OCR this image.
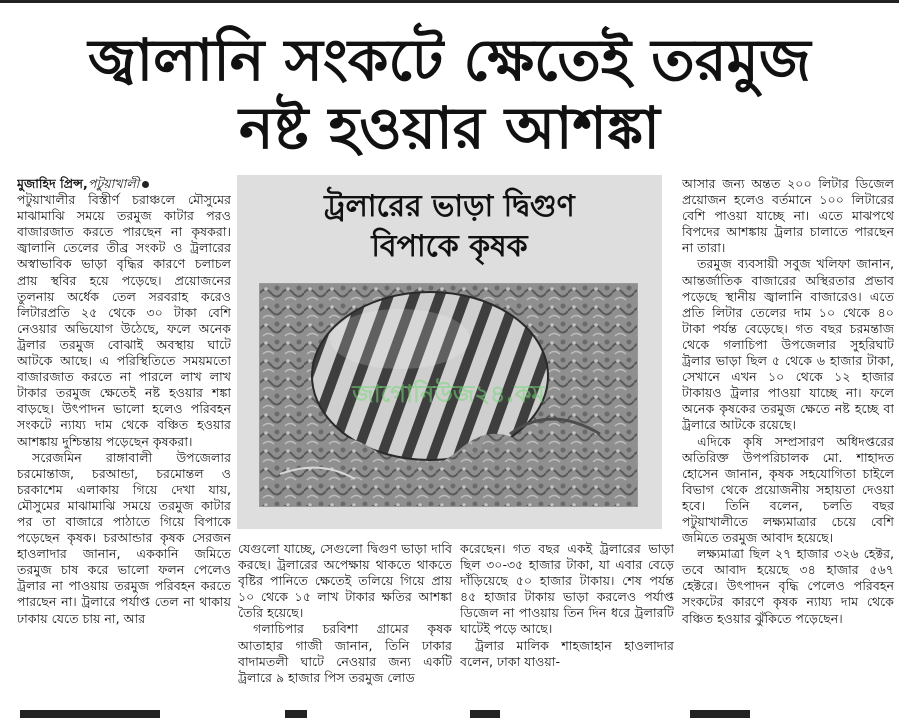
জ্বালানি সংকটে ক্ষেতেই তরমুজ
নষ্ট হওয়ার আশঙ্কা
মুজাহিদ প্রিন্স,পটুয়াখালী

পটুয়াখালীর বিস্তীর্ণ চরাঞ্চলে মৌসুমের মাঝামাঝি সময়ে তরমুজ কাটার পরও বাজারজাত করতে পারছেন না কৃষকরা। জ্বালানি তেলের তীব্র সংকট ও ট্রলারের অস্বাভাবিক ভাড়া বৃদ্ধির কারণে চলাচল প্রায় স্থবির হয়ে পড়েছে। প্রয়োজনের তুলনায় অর্ধেক তেল সরবরাহ করেও লিটারপ্রতি ২৫ থেকে ৩০ টাকা বেশি নেওয়ার অভিযোগ উঠেছে, ফলে অনেক ট্রলার তরমুজ বোঝাই অবস্থায় ঘাটে আটকে আছে। এ পরিস্থিতিতে সময়মতো বাজারজাত করতে না পারলে লাখ লাখ টাকার তরমুজ ক্ষেতেই নষ্ট হওয়ার শঙ্কা বাড়ছে। উৎপাদন ভালো হলেও পরিবহন সংকটে ন্যায্য দাম থেকে বঞ্চিত হওয়ার আশঙ্কায় দুশ্চিন্তায় পড়েছেন কৃষকরা।

সরেজমিন রাঙ্গাবালী উপজেলার চরমোন্তাজ, চরআন্ডা, চরমোন্তল ও চরকাশেম এলাকায় গিয়ে দেখা যায়, মৌসুমের মাঝামাঝি সময়ে তরমুজ কাটার পর তা বাজারে পাঠাতে গিয়ে বিপাকে পড়েছেন কৃষক। চরআন্ডার কৃষক সেরজন হাওলাদার জানান, এককানি জমিতে তরমুজ চাষ করে ভালো ফলন পেলেও ট্রলার না পাওয়ায় তরমুজ পরিবহন করতে পারছেন না। ট্রলারে পর্যাপ্ত তেল না থাকায় ঢাকায় যেতে চায় না, আর

ট্রলারের ভাড়া দ্বিগুণ
বিপাকে কৃষক
জাগোনিউজ২৪.কম

যেগুলো যাচ্ছে, সেগুলো দ্বিগুণ ভাড়া দাবি করছে। ট্রলারের অপেক্ষায় থাকতে থাকতে বৃষ্টির পানিতে ক্ষেতেই তলিয়ে গিয়ে প্রায় ১০ থেকে ১৫ লাখ টাকার ক্ষতির আশঙ্কা তৈরি হয়েছে।

গলাচিপার চরবিশা গ্রামের কৃষক আতাহার গাজী জানান, তিনি ঢাকার বাদামতলী ঘাটে নেওয়ার জন্য একটি ট্রলারে ৯ হাজার পিস তরমুজ লোড

করেছেন। গত বছর একই ট্রলারের ভাড়া ছিল ৩০-৩৫ হাজার টাকা, যা এবার বেড়ে দাঁড়িয়েছে ৫০ হাজার টাকায়। শেষ পর্যন্ত ৪৫ হাজার টাকায় ভাড়া করলেও পর্যাপ্ত ডিজেল না পাওয়ায় তিন দিন ধরে ট্রলারটি ঘাটেই পড়ে আছে।

ট্রলার মালিক শাহজাহান হাওলাদার বলেন, ঢাকা যাওয়া-

আসার জন্য অন্তত ২০০ লিটার ডিজেল প্রয়োজন হলেও বর্তমানে ১০০ লিটারের বেশি পাওয়া যাচ্ছে না। এতে মাঝপথে বিপদের আশঙ্কায় ট্রলার চালাতে পারছেন না তারা।

তরমুজ ব্যবসায়ী সবুজ খলিফা জানান, আন্তর্জাতিক বাজারের অস্থিরতার প্রভাব পড়েছে স্থানীয় জ্বালানি বাজারেও। এতে প্রতি লিটার তেলের দাম ১০ থেকে ৪০ টাকা পর্যন্ত বেড়েছে। গত বছর চরমন্তাজ থেকে গলাচিপা উপজেলার সুহরিঘাট ট্রলার ভাড়া ছিল ৫ থেকে ৬ হাজার টাকা, সেখানে এখন ১০ থেকে ১২ হাজার টাকায়ও ট্রলার পাওয়া যাচ্ছে না। ফলে অনেক কৃষকের তরমুজ ক্ষেতে নষ্ট হচ্ছে বা ট্রলারে আটকে রয়েছে।

এদিকে কৃষি সম্প্রসারণ অধিদপ্তরের অতিরিক্ত উপপরিচালক মো. শাহাদত হোসেন জানান, কৃষক সহযোগিতা চাইলে বিভাগ থেকে প্রয়োজনীয় সহায়তা দেওয়া হবে। তিনি বলেন, চলতি বছর পটুয়াখালীতে লক্ষ্যমাত্রার চেয়ে বেশি জমিতে তরমুজ আবাদ হয়েছে।

লক্ষ্যমাত্রা ছিল ২৭ হাজার ৩২৬ হেক্টর, তবে আবাদ হয়েছে ৩৪ হাজার ৫৬৭ হেক্টরে। উৎপাদন বৃদ্ধি পেলেও পরিবহন সংকটের কারণে কৃষক ন্যায্য দাম থেকে বঞ্চিত হওয়ার ঝুঁকিতে পড়েছেন।
